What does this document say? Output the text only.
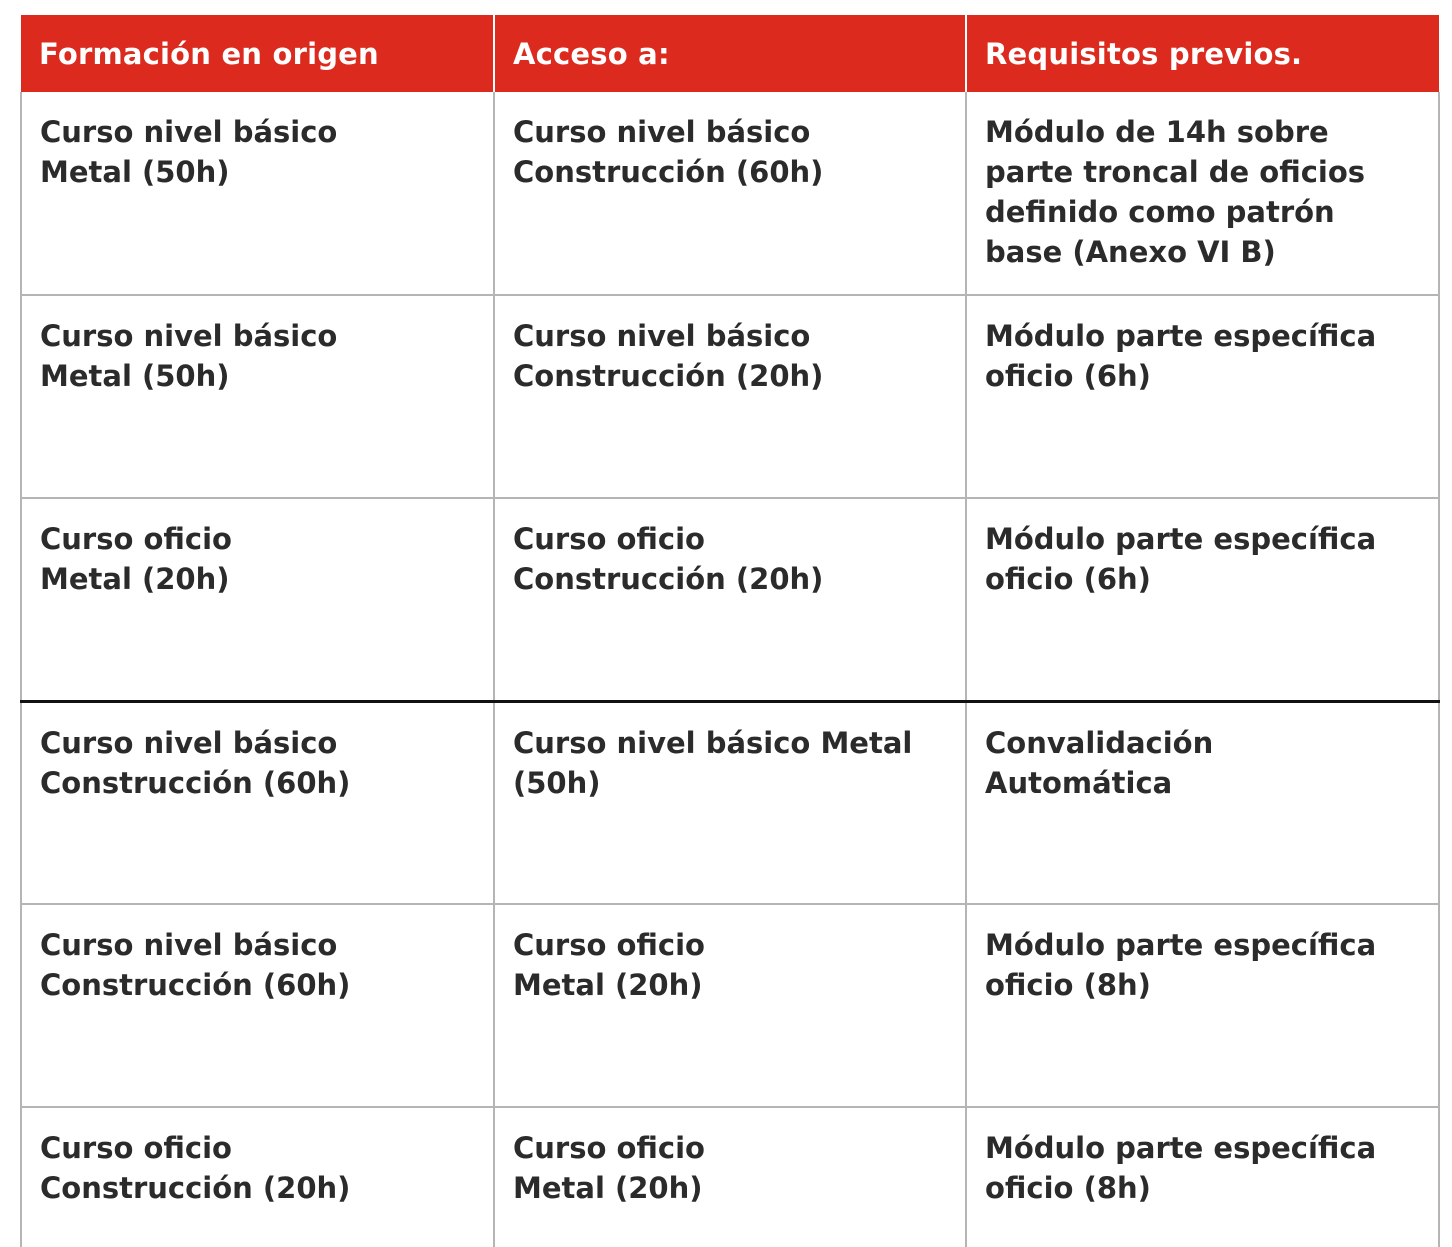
Formación en origen	Acceso a:	Requisitos previos.

Curso nivel básico
Metal (50h)	Curso nivel básico
Construcción (60h)	Módulo de 14h sobre
parte troncal de oficios
definido como patrón
base (Anexo VI B)

Curso nivel básico
Metal (50h)	Curso nivel básico
Construcción (20h)	Módulo parte específica
oficio (6h)

Curso oficio
Metal (20h)	Curso oficio
Construcción (20h)	Módulo parte específica
oficio (6h)

Curso nivel básico
Construcción (60h)	Curso nivel básico Metal
(50h)	Convalidación
Automática

Curso nivel básico
Construcción (60h)	Curso oficio
Metal (20h)	Módulo parte específica
oficio (8h)

Curso oficio
Construcción (20h)	Curso oficio
Metal (20h)	Módulo parte específica
oficio (8h)
